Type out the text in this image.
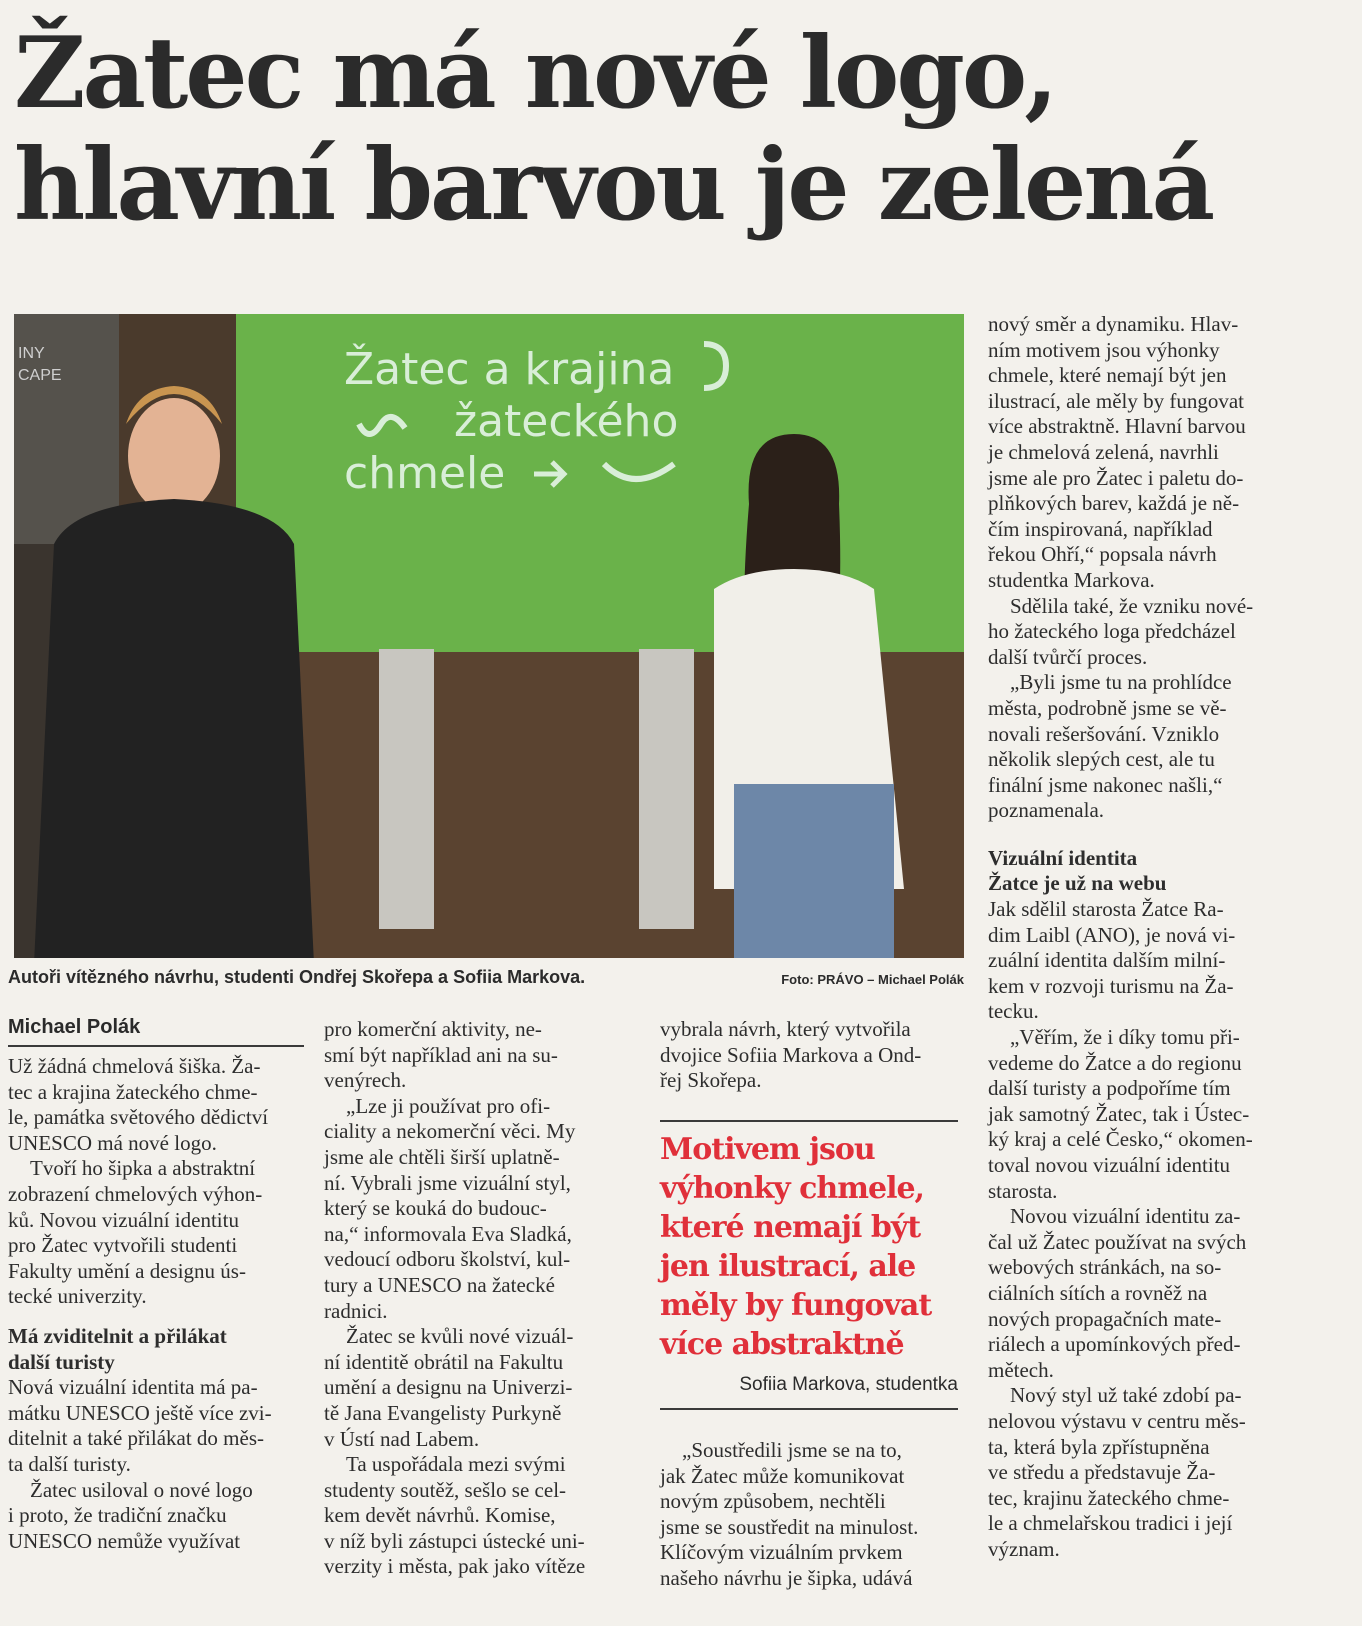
Žatec má nové logo,
hlavní barvou je zelená
INY
CAPE	Žatec a krajina
žateckého
chmele
Autoři vítězného návrhu, studenti Ondřej Skořepa a Sofiia Markova.	Foto: PRÁVO – Michael Polák
Michael Polák

Už žádná chmelová šiška. Ža-
tec a krajina žateckého chme-
le, památka světového dědictví
UNESCO má nové logo.

Tvoří ho šipka a abstraktní
zobrazení chmelových výhon-
ků. Novou vizuální identitu
pro Žatec vytvořili studenti
Fakulty umění a designu ús-
tecké univerzity.

Má zviditelnit a přilákat
další turisty

Nová vizuální identita má pa-
mátku UNESCO ještě více zvi-
ditelnit a také přilákat do měs-
ta další turisty.

Žatec usiloval o nové logo
i proto, že tradiční značku
UNESCO nemůže využívat

pro komerční aktivity, ne-
smí být například ani na su-
venýrech.

„Lze ji používat pro ofi-
ciality a nekomerční věci. My
jsme ale chtěli širší uplatně-
ní. Vybrali jsme vizuální styl,
který se kouká do budouc-
na,“ informovala Eva Sladká,
vedoucí odboru školství, kul-
tury a UNESCO na žatecké
radnici.

Žatec se kvůli nové vizuál-
ní identitě obrátil na Fakultu
umění a designu na Univerzi-
tě Jana Evangelisty Purkyně
v Ústí nad Labem.

Ta uspořádala mezi svými
studenty soutěž, sešlo se cel-
kem devět návrhů. Komise,
v níž byli zástupci ústecké uni-
verzity i města, pak jako vítěze

vybrala návrh, který vytvořila
dvojice Sofiia Markova a Ond-
řej Skořepa.

Motivem jsou
výhonky chmele,
které nemají být
jen ilustrací, ale
měly by fungovat
více abstraktně
Sofiia Markova, studentka

„Soustředili jsme se na to,
jak Žatec může komunikovat
novým způsobem, nechtěli
jsme se soustředit na minulost.
Klíčovým vizuálním prvkem
našeho návrhu je šipka, udává

nový směr a dynamiku. Hlav-
ním motivem jsou výhonky
chmele, které nemají být jen
ilustrací, ale měly by fungovat
více abstraktně. Hlavní barvou
je chmelová zelená, navrhli
jsme ale pro Žatec i paletu do-
plňkových barev, každá je ně-
čím inspirovaná, například
řekou Ohří,“ popsala návrh
studentka Markova.

Sdělila také, že vzniku nové-
ho žateckého loga předcházel
další tvůrčí proces.

„Byli jsme tu na prohlídce
města, podrobně jsme se vě-
novali rešeršování. Vzniklo
několik slepých cest, ale tu
finální jsme nakonec našli,“
poznamenala.

Vizuální identita
Žatce je už na webu

Jak sdělil starosta Žatce Ra-
dim Laibl (ANO), je nová vi-
zuální identita dalším milní-
kem v rozvoji turismu na Ža-
tecku.

„Věřím, že i díky tomu při-
vedeme do Žatce a do regionu
další turisty a podpoříme tím
jak samotný Žatec, tak i Ústec-
ký kraj a celé Česko,“ okomen-
toval novou vizuální identitu
starosta.

Novou vizuální identitu za-
čal už Žatec používat na svých
webových stránkách, na so-
ciálních sítích a rovněž na
nových propagačních mate-
riálech a upomínkových před-
mětech.

Nový styl už také zdobí pa-
nelovou výstavu v centru měs-
ta, která byla zpřístupněna
ve středu a představuje Ža-
tec, krajinu žateckého chme-
le a chmelařskou tradici i její
význam.
